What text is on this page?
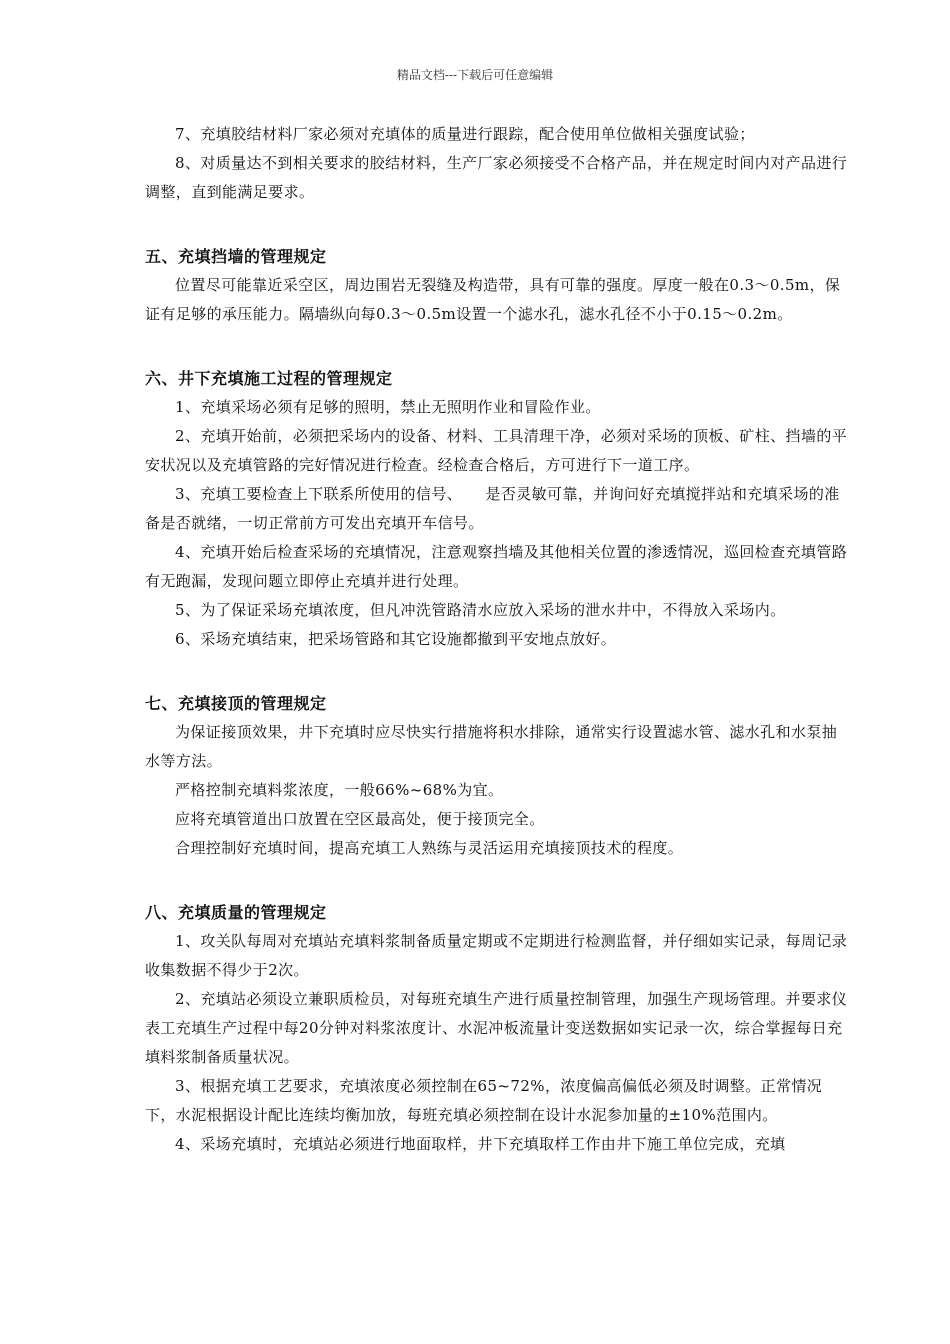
精品文档---下载后可任意编辑

7、充填胶结材料厂家必须对充填体的质量进行跟踪，配合使用单位做相关强度试验；

8、对质量达不到相关要求的胶结材料，生产厂家必须接受不合格产品，并在规定时间内对产品进行调整，直到能满足要求。

五、充填挡墙的管理规定

位置尽可能靠近采空区，周边围岩无裂缝及构造带，具有可靠的强度。厚度一般在0.3～0.5m，保证有足够的承压能力。隔墙纵向每0.3～0.5m设置一个滤水孔，滤水孔径不小于0.15～0.2m。

六、井下充填施工过程的管理规定

1、充填采场必须有足够的照明，禁止无照明作业和冒险作业。

2、充填开始前，必须把采场内的设备、材料、工具清理干净，必须对采场的顶板、矿柱、挡墙的平安状况以及充填管路的完好情况进行检查。经检查合格后，方可进行下一道工序。

3、充填工要检查上下联系所使用的信号、　　是否灵敏可靠，并询问好充填搅拌站和充填采场的准备是否就绪，一切正常前方可发出充填开车信号。

4、充填开始后检查采场的充填情况，注意观察挡墙及其他相关位置的渗透情况，巡回检查充填管路有无跑漏，发现问题立即停止充填并进行处理。

5、为了保证采场充填浓度，但凡冲洗管路清水应放入采场的泄水井中，不得放入采场内。

6、采场充填结束，把采场管路和其它设施都撤到平安地点放好。

七、充填接顶的管理规定

为保证接顶效果，井下充填时应尽快实行措施将积水排除，通常实行设置滤水管、滤水孔和水泵抽水等方法。

严格控制充填料浆浓度，一般66%~68%为宜。

应将充填管道出口放置在空区最高处，便于接顶完全。

合理控制好充填时间，提高充填工人熟练与灵活运用充填接顶技术的程度。

八、充填质量的管理规定

1、攻关队每周对充填站充填料浆制备质量定期或不定期进行检测监督，并仔细如实记录，每周记录收集数据不得少于2次。

2、充填站必须设立兼职质检员，对每班充填生产进行质量控制管理，加强生产现场管理。并要求仪表工充填生产过程中每20分钟对料浆浓度计、水泥冲板流量计变送数据如实记录一次，综合掌握每日充填料浆制备质量状况。

3、根据充填工艺要求，充填浓度必须控制在65~72%，浓度偏高偏低必须及时调整。正常情况下，水泥根据设计配比连续均衡加放，每班充填必须控制在设计水泥参加量的±10%范围内。

4、采场充填时，充填站必须进行地面取样，井下充填取样工作由井下施工单位完成，充填
